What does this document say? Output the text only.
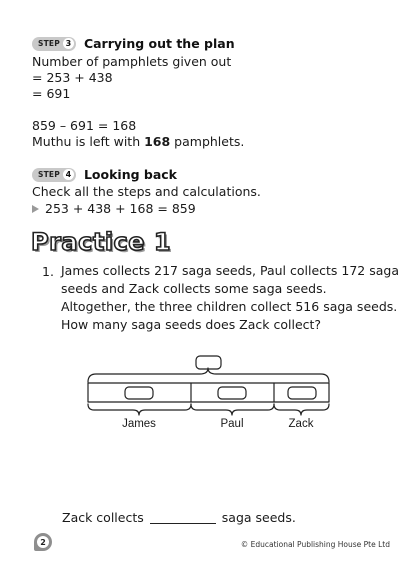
STEP 3 Carrying out the plan
Number of pamphlets given out
= 253 + 438
= 691
859 – 691 = 168
Muthu is left with 168 pamphlets.
STEP 4 Looking back
Check all the steps and calculations.
253 + 438 + 168 = 859
Practice 1
1. James collects 217 saga seeds, Paul collects 172 saga
seeds and Zack collects some saga seeds.
Altogether, the three children collect 516 saga seeds.
How many saga seeds does Zack collect?
James	Paul	Zack
Zack collects	saga seeds.
2	© Educational Publishing House Pte Ltd
